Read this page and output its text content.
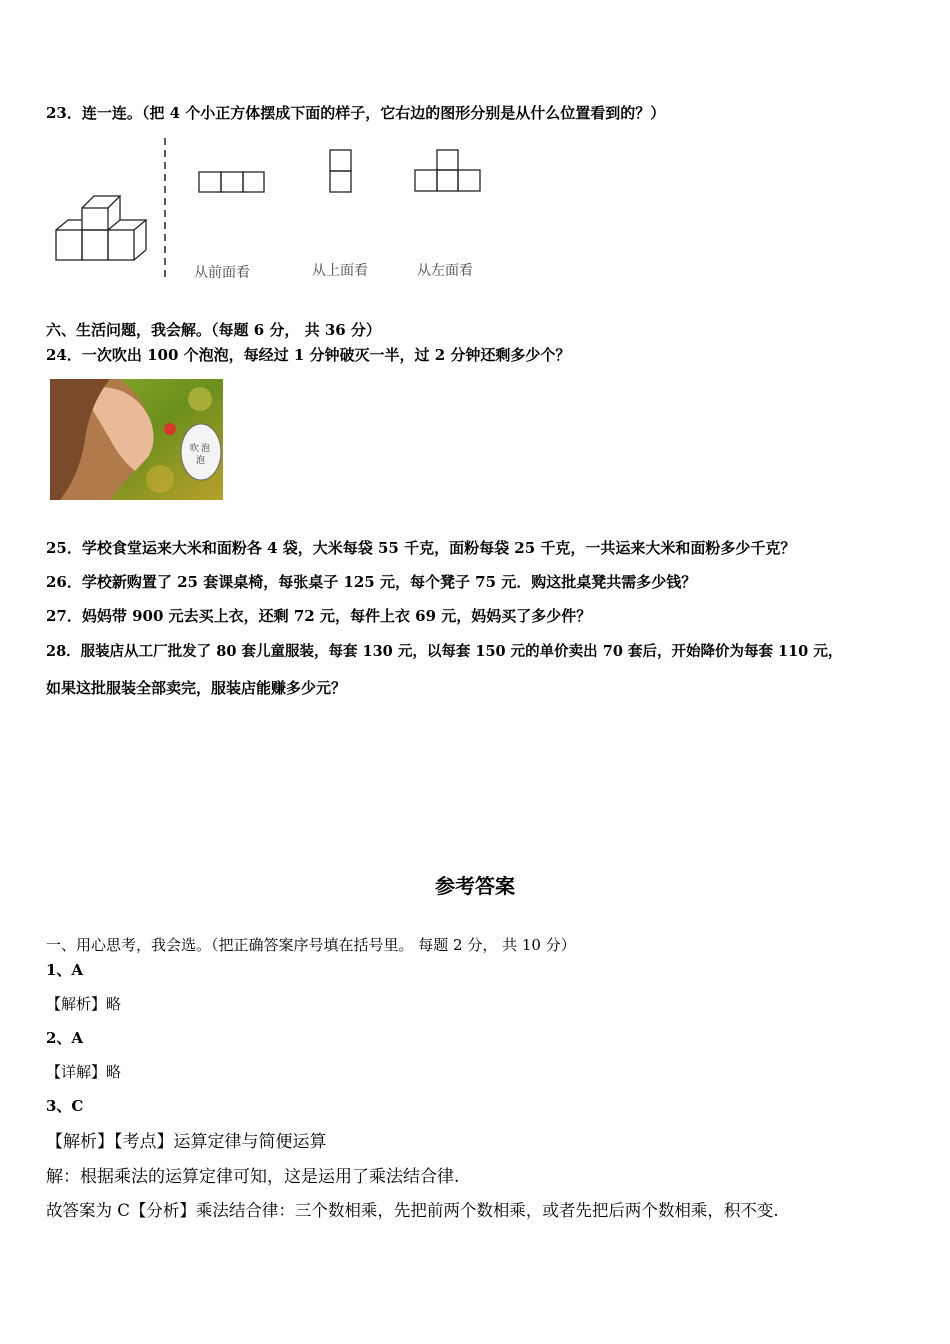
23．连一连。（把 4 个小正方体摆成下面的样子，它右边的图形分别是从什么位置看到的？）
从前面看	从上面看	从左面看
六、生活问题，我会解。（每题 6 分， 共 36 分）
24．一次吹出 100 个泡泡，每经过 1 分钟破灭一半，过 2 分钟还剩多少个？
吹 泡
泡
25．学校食堂运来大米和面粉各 4 袋，大米每袋 55 千克，面粉每袋 25 千克，一共运来大米和面粉多少千克？
26．学校新购置了 25 套课桌椅，每张桌子 125 元，每个凳子 75 元．购这批桌凳共需多少钱？
27．妈妈带 900 元去买上衣，还剩 72 元，每件上衣 69 元，妈妈买了多少件？
28．服装店从工厂批发了 80 套儿童服装，每套 130 元，以每套 150 元的单价卖出 70 套后，开始降价为每套 110 元，
如果这批服装全部卖完，服装店能赚多少元？
参考答案
一、用心思考，我会选。（把正确答案序号填在括号里。 每题 2 分， 共 10 分）
1、A
【解析】略
2、A
【详解】略
3、C
【解析】【考点】运算定律与简便运算
解：根据乘法的运算定律可知，这是运用了乘法结合律.
故答案为 C【分析】乘法结合律：三个数相乘，先把前两个数相乘，或者先把后两个数相乘，积不变.
